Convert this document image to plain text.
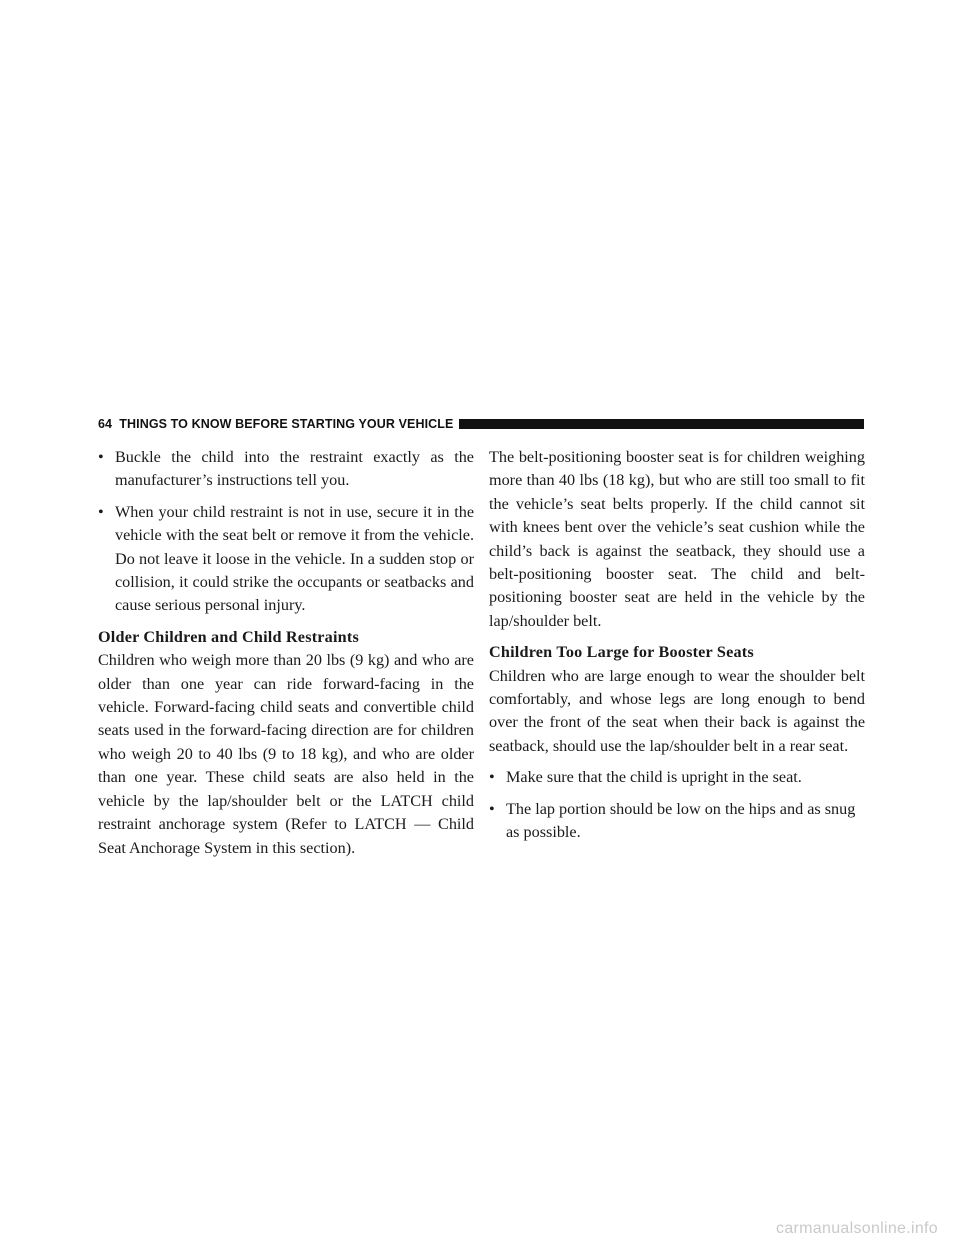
64 THINGS TO KNOW BEFORE STARTING YOUR VEHICLE
• Buckle the child into the restraint exactly as the manufacturer’s instructions tell you.
• When your child restraint is not in use, secure it in the vehicle with the seat belt or remove it from the vehicle. Do not leave it loose in the vehicle. In a sudden stop or collision, it could strike the occupants or seatbacks and cause serious personal injury.
Older Children and Child Restraints

Children who weigh more than 20 lbs (9 kg) and who are older than one year can ride forward-facing in the vehicle. Forward-facing child seats and convertible child seats used in the forward-facing direction are for children who weigh 20 to 40 lbs (9 to 18 kg), and who are older than one year. These child seats are also held in the vehicle by the lap/shoulder belt or the LATCH child restraint anchorage system (Refer to LATCH — Child Seat Anchorage System in this section).

The belt-positioning booster seat is for children weighing more than 40 lbs (18 kg), but who are still too small to fit the vehicle’s seat belts properly. If the child cannot sit with knees bent over the vehicle’s seat cushion while the child’s back is against the seatback, they should use a belt-positioning booster seat. The child and belt-positioning booster seat are held in the vehicle by the lap/shoulder belt.

Children Too Large for Booster Seats

Children who are large enough to wear the shoulder belt comfortably, and whose legs are long enough to bend over the front of the seat when their back is against the seatback, should use the lap/shoulder belt in a rear seat.

• Make sure that the child is upright in the seat.
• The lap portion should be low on the hips and as snug as possible.
carmanualsonline.info
